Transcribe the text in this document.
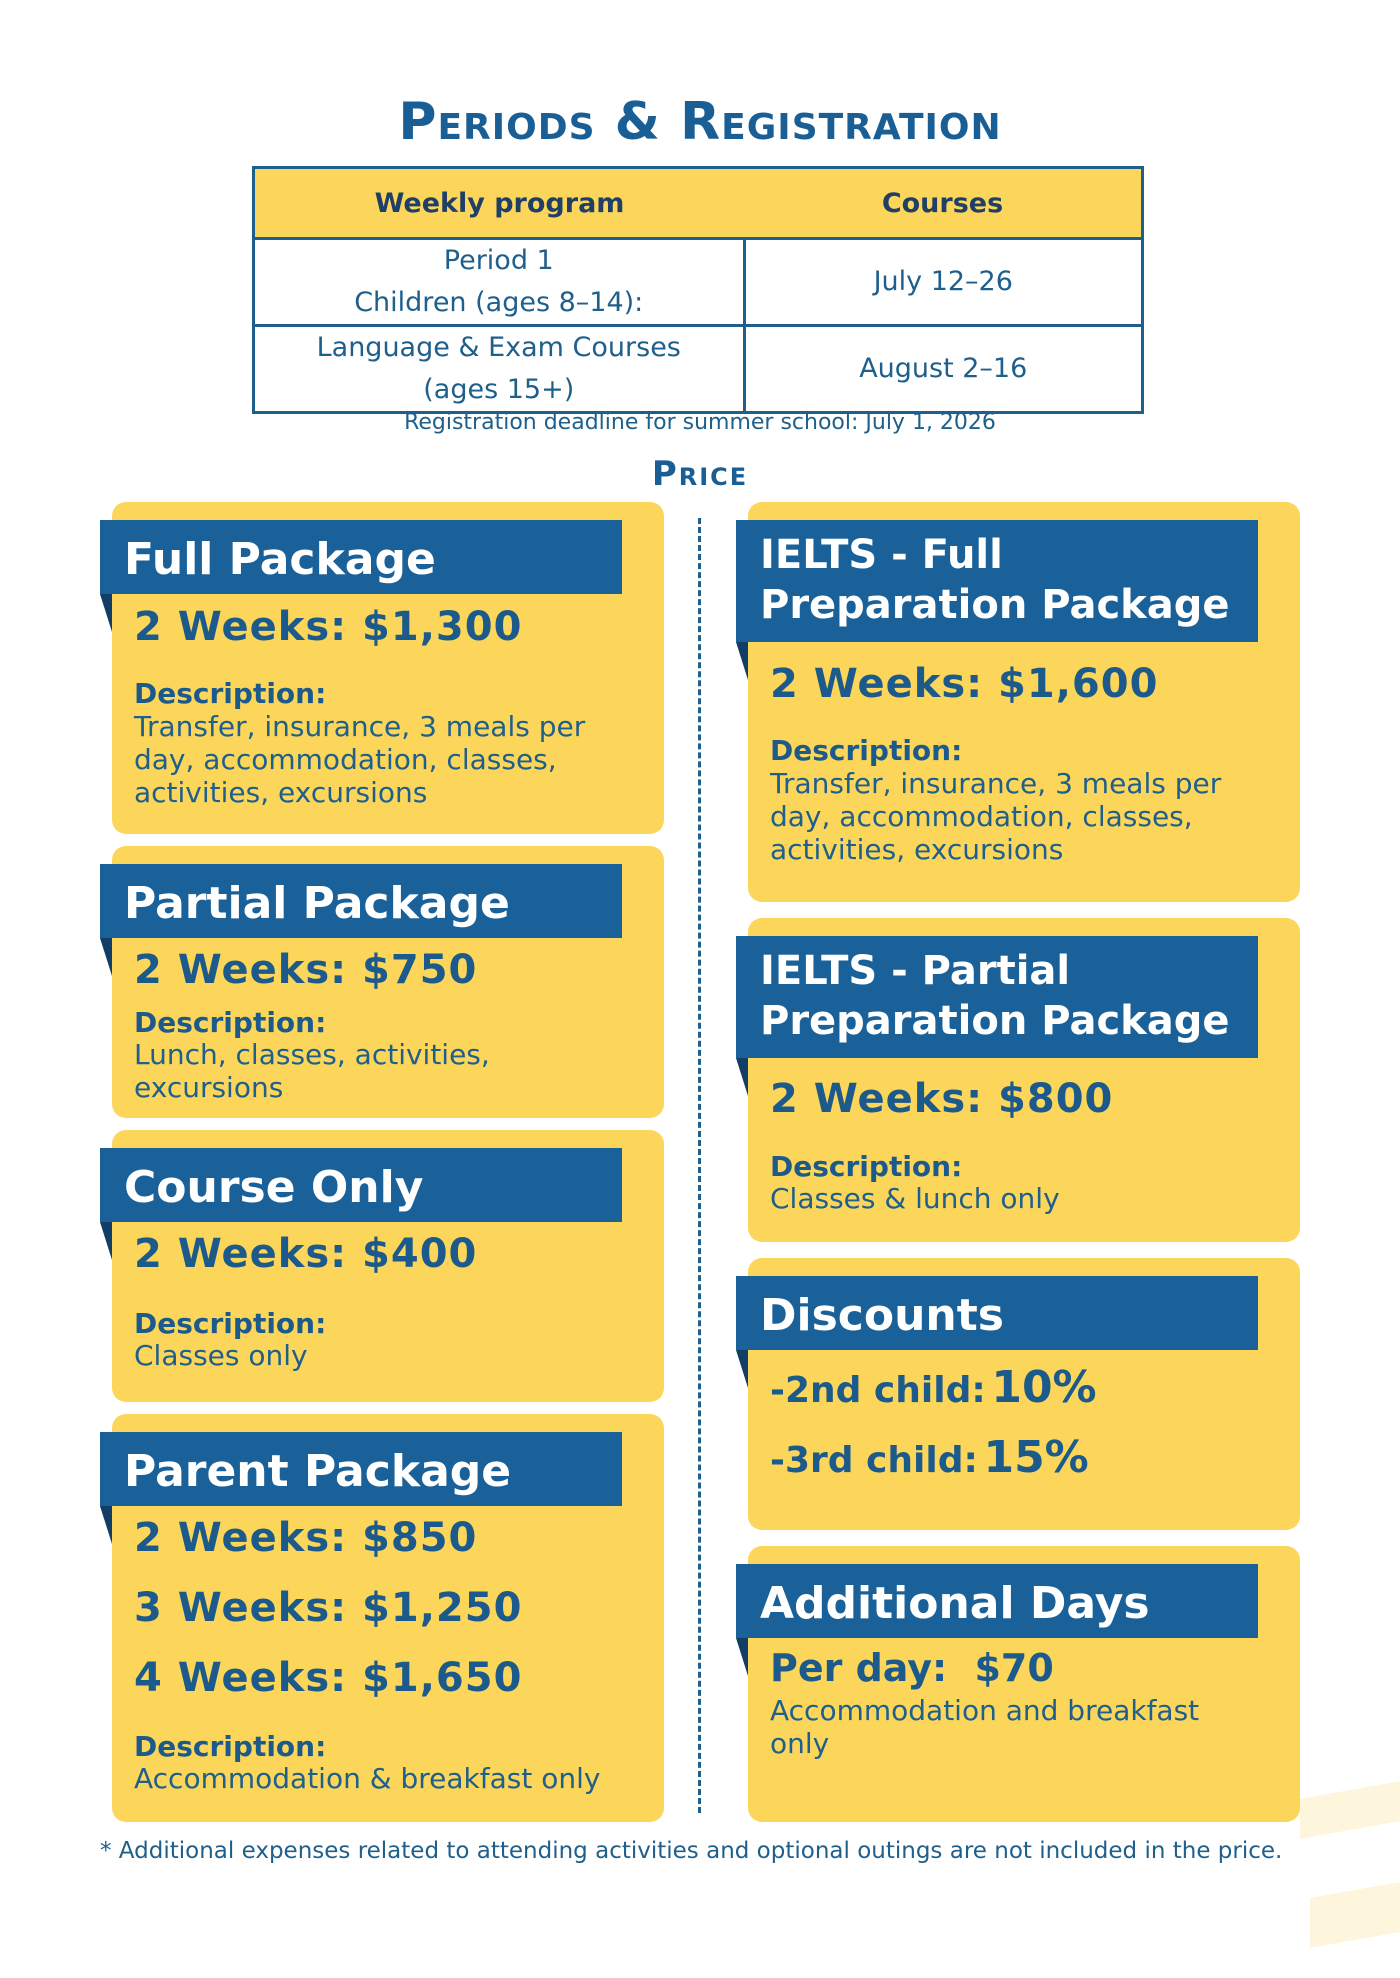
Periods & Registration
Weekly program	Courses

Period 1
Children (ages 8–14):	July 12–26

Language & Exam Courses
(ages 15+)	August 2–16
Registration deadline for summer school: July 1, 2026
Price
Full Package
2 Weeks: $1,300
Description:
Transfer, insurance, 3 meals per day, accommodation, classes, activities, excursions
Partial Package
2 Weeks: $750
Description:
Lunch, classes, activities, excursions
Course Only
2 Weeks: $400
Description:
Classes only
Parent Package
2 Weeks: $850
3 Weeks: $1,250
4 Weeks: $1,650
Description:
Accommodation & breakfast only
IELTS - Full
Preparation Package
2 Weeks: $1,600
Description:
Transfer, insurance, 3 meals per day, accommodation, classes, activities, excursions
IELTS - Partial
Preparation Package
2 Weeks: $800
Description:
Classes & lunch only
Discounts
-2nd child: 10%
-3rd child: 15%
Additional Days
Per day: $70
Accommodation and breakfast only
* Additional expenses related to attending activities and optional outings are not included in the price.
